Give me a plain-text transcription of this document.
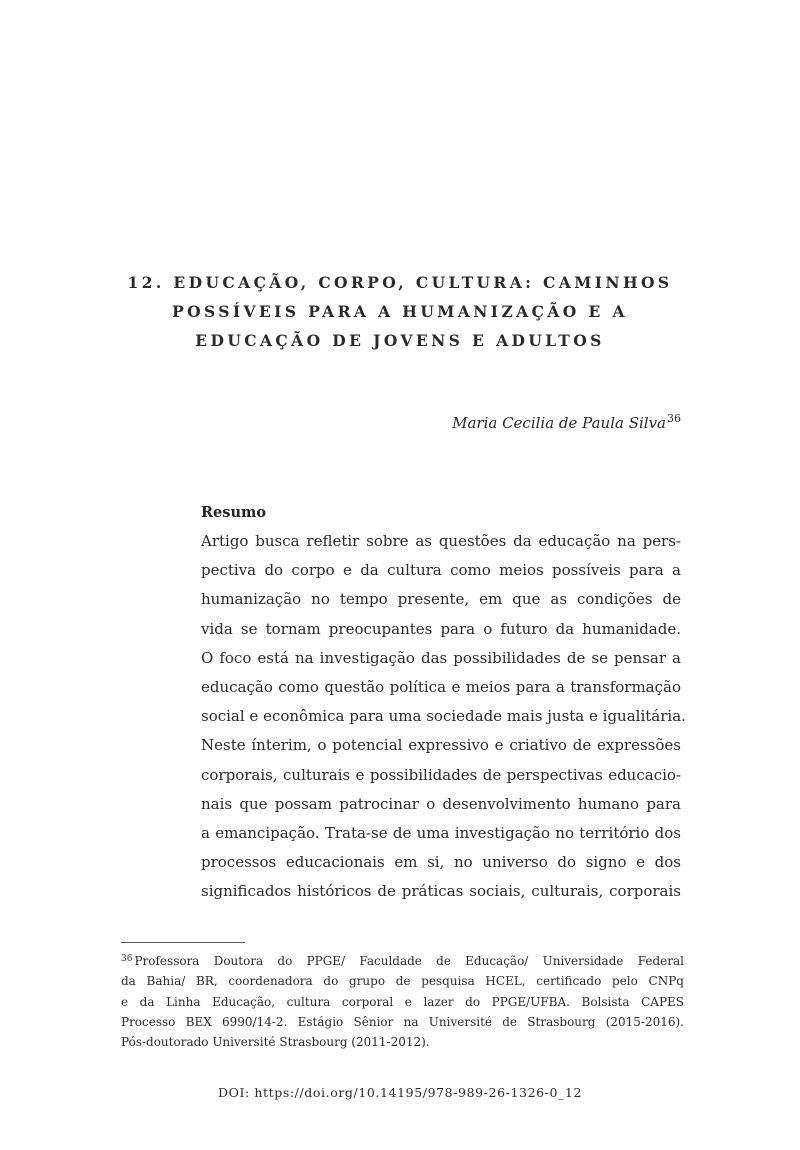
12. EDUCAÇÃO, CORPO, CULTURA: CAMINHOS
POSSÍVEIS PARA A HUMANIZAÇÃO E A
EDUCAÇÃO DE JOVENS E ADULTOS
Maria Cecilia de Paula Silva$^{36}$
Resumo
Artigo busca refletir sobre as questões da educação na pers-
pectiva do corpo e da cultura como meios possíveis para a
humanização no tempo presente, em que as condições de
vida se tornam preocupantes para o futuro da humanidade.
O foco está na investigação das possibilidades de se pensar a
educação como questão política e meios para a transformação
social e econômica para uma sociedade mais justa e igualitária.
Neste ínterim, o potencial expressivo e criativo de expressões
corporais, culturais e possibilidades de perspectivas educacio-
nais que possam patrocinar o desenvolvimento humano para
a emancipação. Trata-se de uma investigação no território dos
processos educacionais em si, no universo do signo e dos
significados históricos de práticas sociais, culturais, corporais
$^{36}$ Professora Doutora do PPGE/ Faculdade de Educação/ Universidade Federal
da Bahia/ BR, coordenadora do grupo de pesquisa HCEL, certificado pelo CNPq
e da Linha Educação, cultura corporal e lazer do PPGE/UFBA. Bolsista CAPES
Processo BEX 6990/14-2. Estágio Sênior na Université de Strasbourg (2015-2016).
Pós-doutorado Université Strasbourg (2011-2012).
DOI: https://doi.org/10.14195/978-989-26-1326-0_12
